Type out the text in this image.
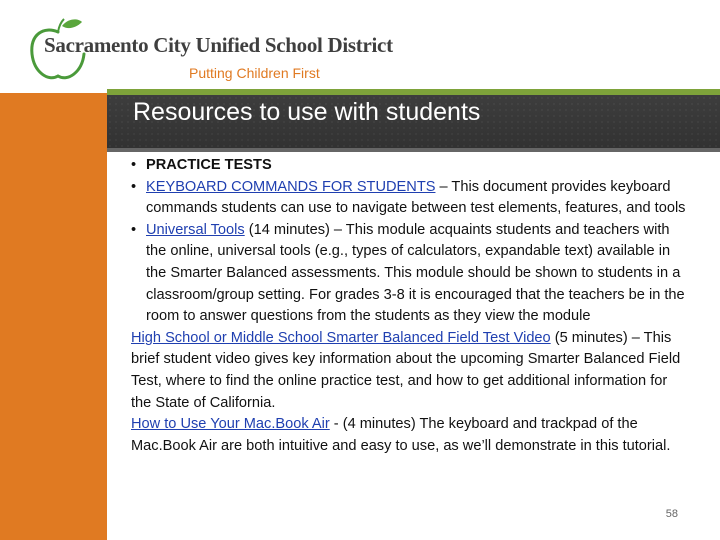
Sacramento City Unified School District

Putting Children First

Resources to use with students
• PRACTICE TESTS
• KEYBOARD COMMANDS FOR STUDENTS – This document provides keyboard commands students can use to navigate between test elements, features, and tools
• Universal Tools (14 minutes) – This module acquaints students and teachers with the online, universal tools (e.g., types of calculators, expandable text) available in the Smarter Balanced assessments. This module should be shown to students in a classroom/group setting. For grades 3-8 it is encouraged that the teachers be in the room to answer questions from the students as they view the module

High School or Middle School Smarter Balanced Field Test Video (5 minutes) – This brief student video gives key information about the upcoming Smarter Balanced Field Test, where to find the online practice test, and how to get additional information for the State of California.

How to Use Your Mac.Book Air - (4 minutes) The keyboard and trackpad of the Mac.Book Air are both intuitive and easy to use, as we’ll demonstrate in this tutorial.

58
